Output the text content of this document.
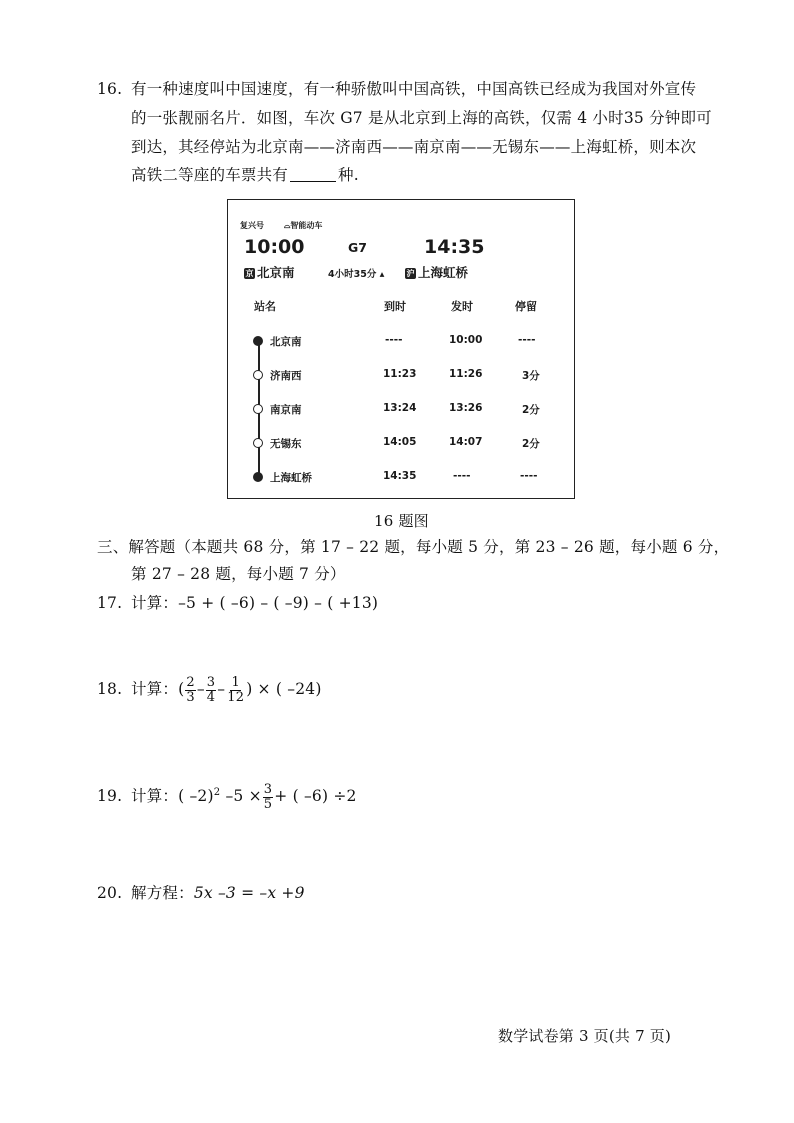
16. 有一种速度叫中国速度，有一种骄傲叫中国高铁，中国高铁已经成为我国对外宣传
的一张靓丽名片．如图，车次 G7 是从北京到上海的高铁，仅需 4 小时35 分钟即可
到达，其经停站为北京南——济南西——南京南——无锡东——上海虹桥，则本次
高铁二等座的车票共有	种.
复兴号	⌓智能动车
10:00	G7	14:35
京 北京南	4小时35分 ▴	沪 上海虹桥
站名	到时	发时	停留
北京南	----	10:00	----
济南西	11:23	11:26	3分
南京南	13:24	13:26	2分
无锡东	14:05	14:07	2分
上海虹桥	14:35	----	----
16 题图
三、解答题（本题共 68 分，第 17 – 22 题，每小题 5 分，第 23 – 26 题，每小题 6 分，
第 27 – 28 题，每小题 7 分）
17. 计算：–5 + ( –6) – ( –9) – ( +13)
18. 计算：( $\frac{2}{3} - \frac{3}{4} - \frac{1}{12}$ ) × ( –24)
19. 计算：( –2)$^2$ $-5 \times \frac{3}{5}$ + ( –6) ÷2
20. 解方程：5x –3 = –x +9
数学试卷第 3 页(共 7 页)
